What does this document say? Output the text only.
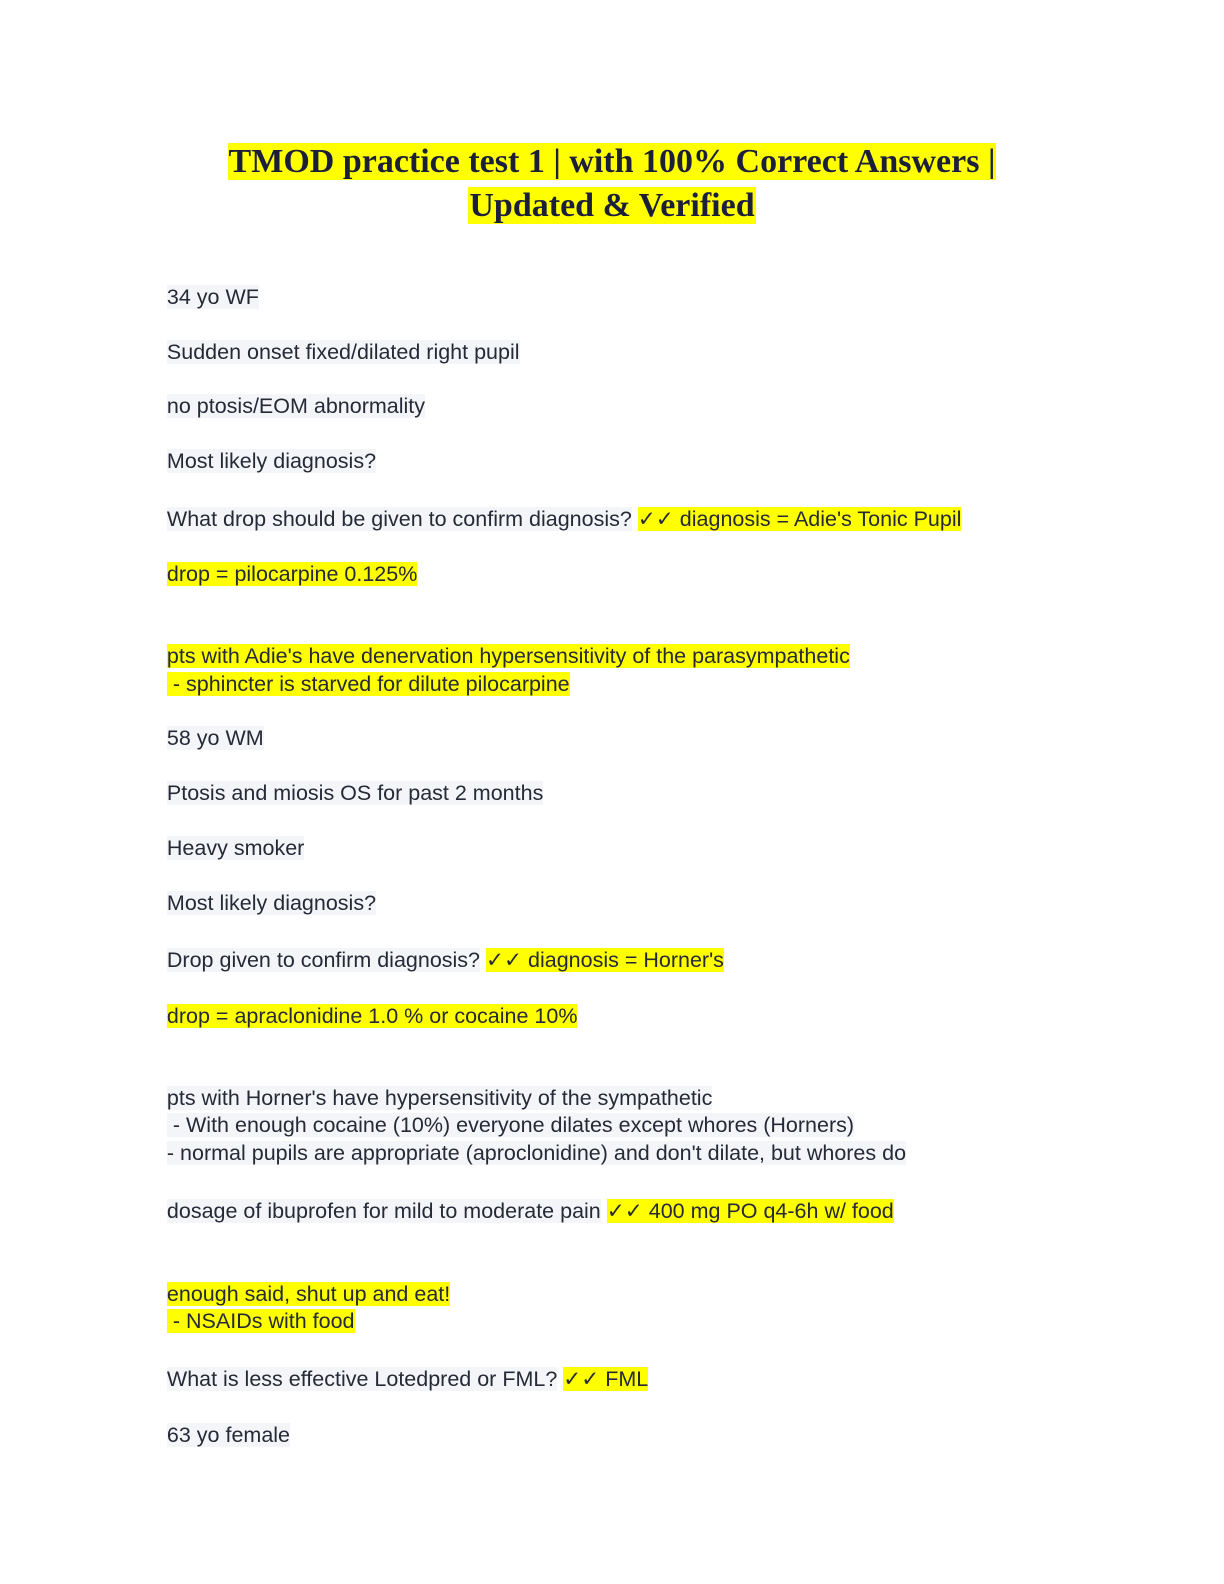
TMOD practice test 1 | with 100% Correct Answers |
Updated & Verified

34 yo WF

Sudden onset fixed/dilated right pupil

no ptosis/EOM abnormality

Most likely diagnosis?

What drop should be given to confirm diagnosis? ✓✓ diagnosis = Adie's Tonic Pupil

drop = pilocarpine 0.125%

pts with Adie's have denervation hypersensitivity of the parasympathetic

- sphincter is starved for dilute pilocarpine

58 yo WM

Ptosis and miosis OS for past 2 months

Heavy smoker

Most likely diagnosis?

Drop given to confirm diagnosis? ✓✓ diagnosis = Horner's

drop = apraclonidine 1.0 % or cocaine 10%

pts with Horner's have hypersensitivity of the sympathetic

- With enough cocaine (10%) everyone dilates except whores (Horners)

- normal pupils are appropriate (aproclonidine) and don't dilate, but whores do

dosage of ibuprofen for mild to moderate pain ✓✓ 400 mg PO q4-6h w/ food

enough said, shut up and eat!

- NSAIDs with food

What is less effective Lotedpred or FML? ✓✓ FML

63 yo female
